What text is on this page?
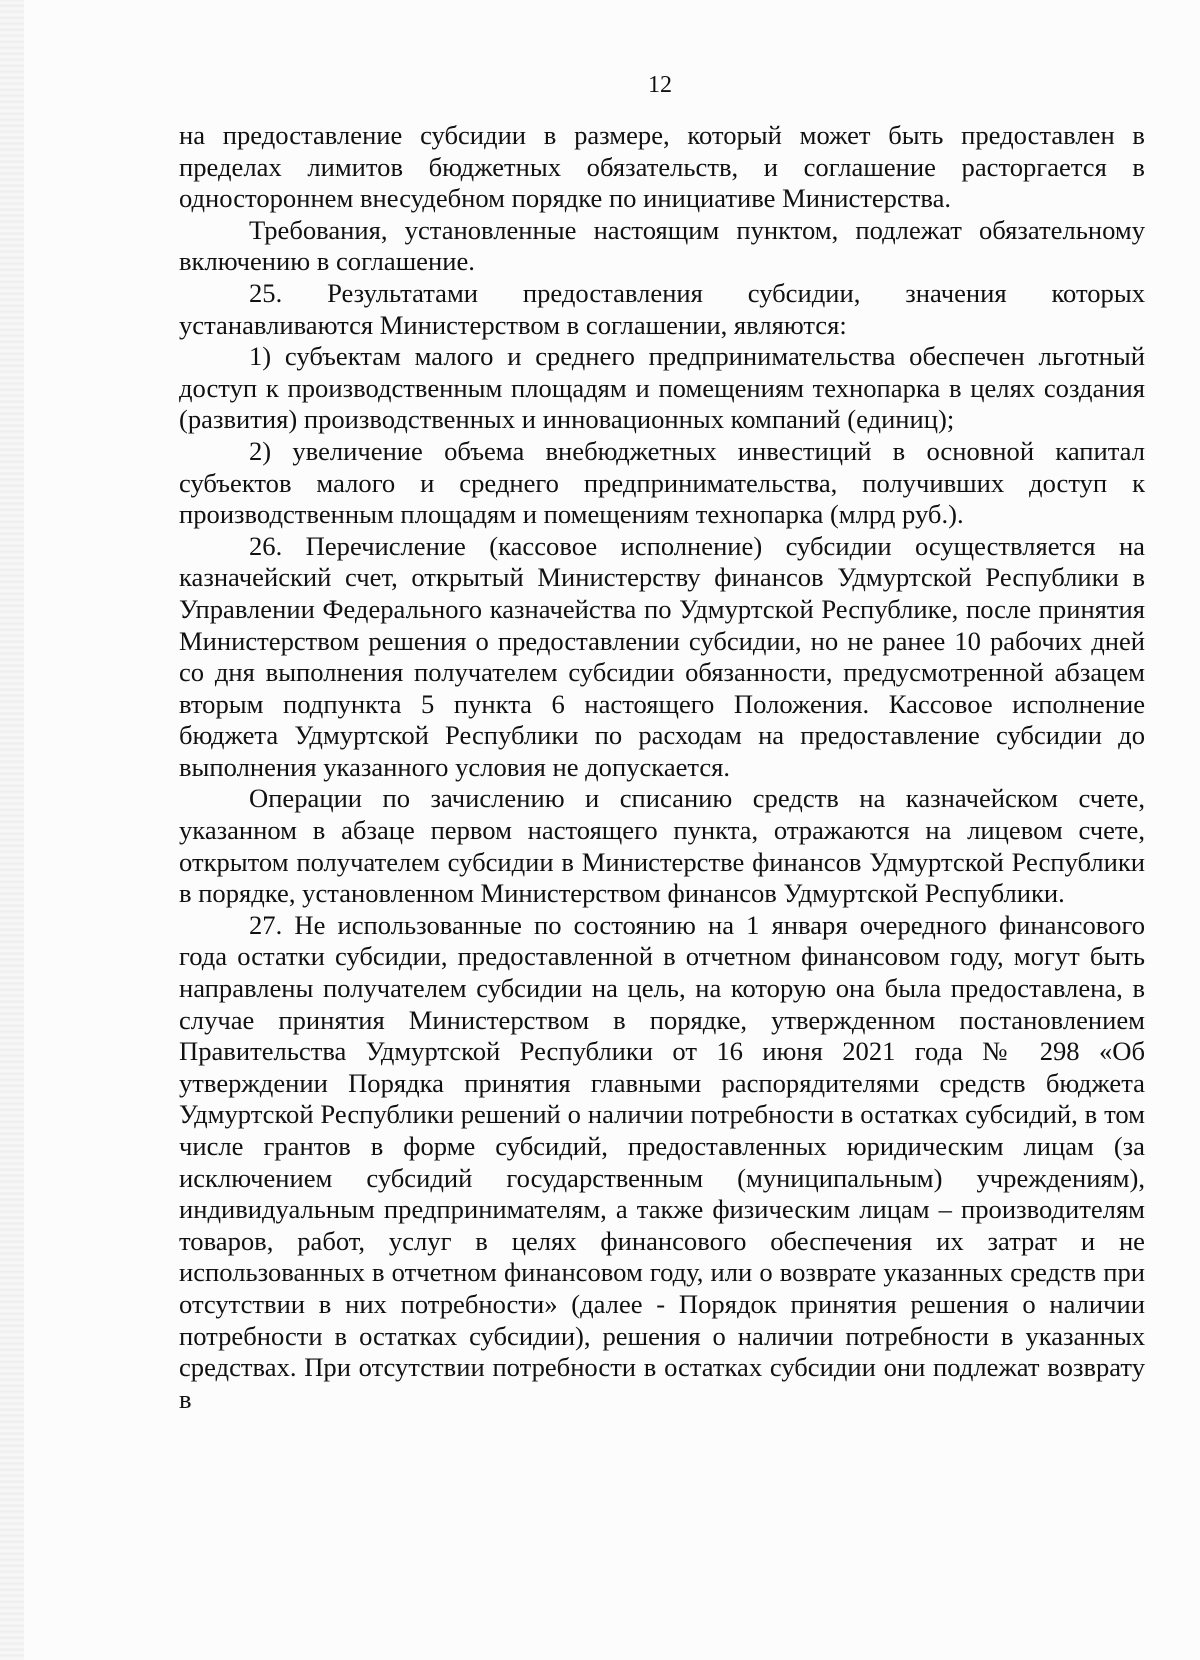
12

на предоставление субсидии в размере, который может быть предоставлен в пределах лимитов бюджетных обязательств, и соглашение расторгается в одностороннем внесудебном порядке по инициативе Министерства.

Требования, установленные настоящим пунктом, подлежат обязательному включению в соглашение.

25. Результатами предоставления субсидии, значения которых устанавливаются Министерством в соглашении, являются:

1) субъектам малого и среднего предпринимательства обеспечен льготный доступ к производственным площадям и помещениям технопарка в целях создания (развития) производственных и инновационных компаний (единиц);

2) увеличение объема внебюджетных инвестиций в основной капитал субъектов малого и среднего предпринимательства, получивших доступ к производственным площадям и помещениям технопарка (млрд руб.).

26. Перечисление (кассовое исполнение) субсидии осуществляется на казначейский счет, открытый Министерству финансов Удмуртской Республики в Управлении Федерального казначейства по Удмуртской Республике, после принятия Министерством решения о предоставлении субсидии, но не ранее 10 рабочих дней со дня выполнения получателем субсидии обязанности, предусмотренной абзацем вторым подпункта 5 пункта 6 настоящего Положения. Кассовое исполнение бюджета Удмуртской Республики по расходам на предоставление субсидии до выполнения указанного условия не допускается.

Операции по зачислению и списанию средств на казначейском счете, указанном в абзаце первом настоящего пункта, отражаются на лицевом счете, открытом получателем субсидии в Министерстве финансов Удмуртской Республики в порядке, установленном Министерством финансов Удмуртской Республики.

27. Не использованные по состоянию на 1 января очередного финансового года остатки субсидии, предоставленной в отчетном финансовом году, могут быть направлены получателем субсидии на цель, на которую она была предоставлена, в случае принятия Министерством в порядке, утвержденном постановлением Правительства Удмуртской Республики от 16 июня 2021 года № 298 «Об утверждении Порядка принятия главными распорядителями средств бюджета Удмуртской Республики решений о наличии потребности в остатках субсидий, в том числе грантов в форме субсидий, предоставленных юридическим лицам (за исключением субсидий государственным (муниципальным) учреждениям), индивидуальным предпринимателям, а также физическим лицам – производителям товаров, работ, услуг в целях финансового обеспечения их затрат и не использованных в отчетном финансовом году, или о возврате указанных средств при отсутствии в них потребности» (далее - Порядок принятия решения о наличии потребности в остатках субсидии), решения о наличии потребности в указанных средствах. При отсутствии потребности в остатках субсидии они подлежат возврату в
